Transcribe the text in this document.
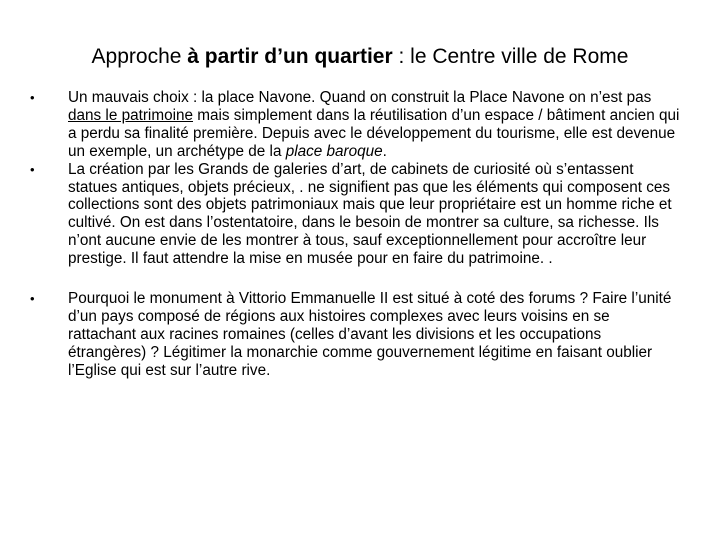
Approche à partir d’un quartier : le Centre ville de Rome
• Un mauvais choix : la place Navone. Quand on construit la Place Navone on n’est pas dans le patrimoine mais simplement dans la réutilisation d’un espace / bâtiment ancien qui a perdu sa finalité première. Depuis avec le développement du tourisme, elle est devenue un exemple, un archétype de la place baroque.
• La création par les Grands de galeries d’art, de cabinets de curiosité où s’entassent statues antiques, objets précieux, . ne signifient pas que les éléments qui composent ces collections sont des objets patrimoniaux mais que leur propriétaire est un homme riche et cultivé. On est dans l’ostentatoire, dans le besoin de montrer sa culture, sa richesse. Ils n’ont aucune envie de les montrer à tous, sauf exceptionnellement pour accroître leur prestige. Il faut attendre la mise en musée pour en faire du patrimoine. .
• Pourquoi le monument à Vittorio Emmanuelle II est situé à coté des forums ? Faire l’unité d’un pays composé de régions aux histoires complexes avec leurs voisins en se rattachant aux racines romaines (celles d’avant les divisions et les occupations étrangères) ? Légitimer la monarchie comme gouvernement légitime en faisant oublier l’Eglise qui est sur l’autre rive.
